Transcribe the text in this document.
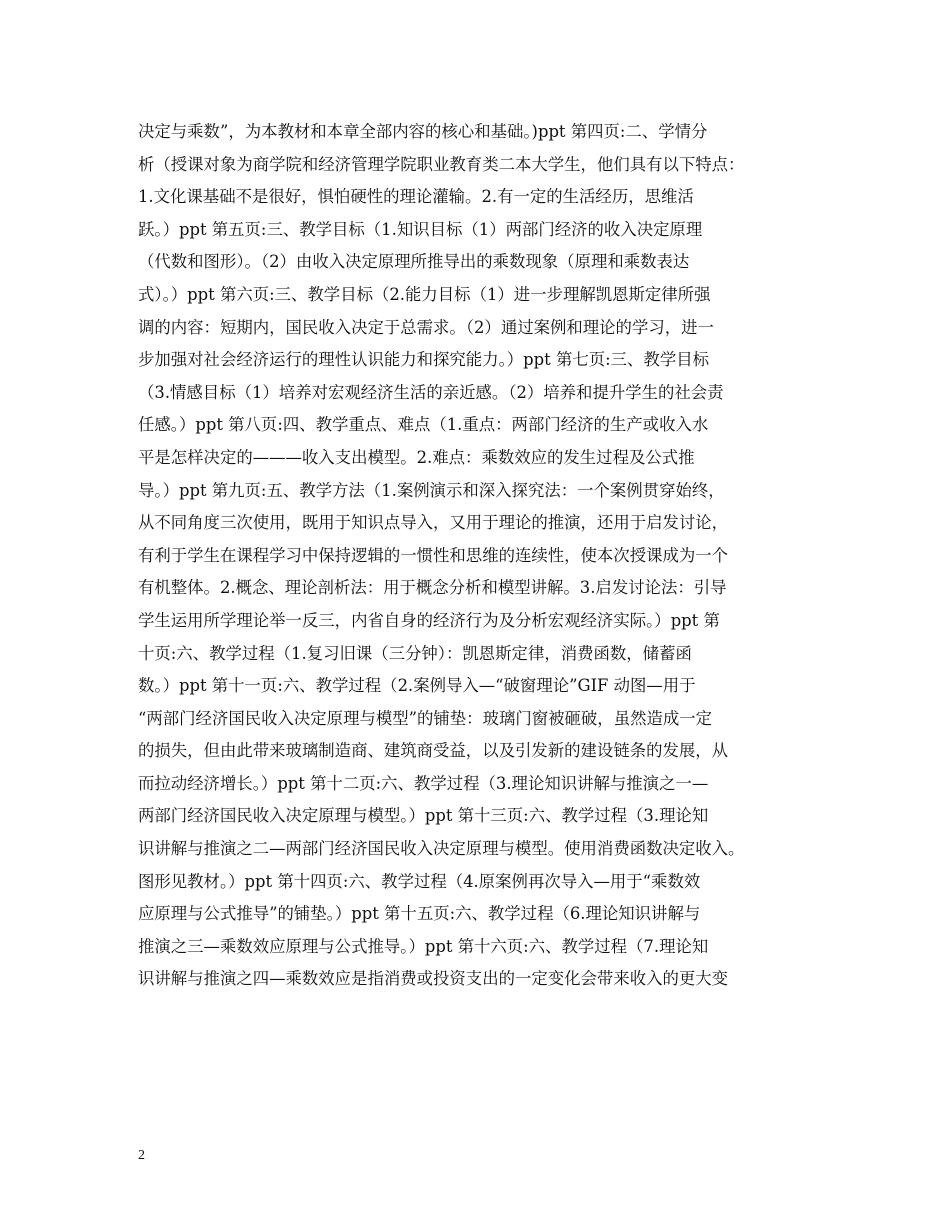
决定与乘数”，为本教材和本章全部内容的核心和基础。)ppt 第四页:二、学情分
析（授课对象为商学院和经济管理学院职业教育类二本大学生，他们具有以下特点：
1.文化课基础不是很好，惧怕硬性的理论灌输。2.有一定的生活经历，思维活
跃。）ppt 第五页:三、教学目标（1.知识目标（1）两部门经济的收入决定原理
（代数和图形）。（2）由收入决定原理所推导出的乘数现象（原理和乘数表达
式）。）ppt 第六页:三、教学目标（2.能力目标（1）进一步理解凯恩斯定律所强
调的内容：短期内，国民收入决定于总需求。（2）通过案例和理论的学习，进一
步加强对社会经济运行的理性认识能力和探究能力。）ppt 第七页:三、教学目标
（3.情感目标（1）培养对宏观经济生活的亲近感。（2）培养和提升学生的社会责
任感。）ppt 第八页:四、教学重点、难点（1.重点：两部门经济的生产或收入水
平是怎样决定的———收入支出模型。2.难点：乘数效应的发生过程及公式推
导。）ppt 第九页:五、教学方法（1.案例演示和深入探究法：一个案例贯穿始终，
从不同角度三次使用，既用于知识点导入，又用于理论的推演，还用于启发讨论，
有利于学生在课程学习中保持逻辑的一惯性和思维的连续性，使本次授课成为一个
有机整体。2.概念、理论剖析法：用于概念分析和模型讲解。3.启发讨论法：引导
学生运用所学理论举一反三，内省自身的经济行为及分析宏观经济实际。）ppt 第
十页:六、教学过程（1.复习旧课（三分钟）：凯恩斯定律，消费函数，储蓄函
数。）ppt 第十一页:六、教学过程（2.案例导入—“破窗理论”GIF 动图—用于
“两部门经济国民收入决定原理与模型”的铺垫：玻璃门窗被砸破，虽然造成一定
的损失，但由此带来玻璃制造商、建筑商受益，以及引发新的建设链条的发展，从
而拉动经济增长。）ppt 第十二页:六、教学过程（3.理论知识讲解与推演之一—
两部门经济国民收入决定原理与模型。）ppt 第十三页:六、教学过程（3.理论知
识讲解与推演之二—两部门经济国民收入决定原理与模型。使用消费函数决定收入。
图形见教材。）ppt 第十四页:六、教学过程（4.原案例再次导入—用于“乘数效
应原理与公式推导”的铺垫。）ppt 第十五页:六、教学过程（6.理论知识讲解与
推演之三—乘数效应原理与公式推导。）ppt 第十六页:六、教学过程（7.理论知
识讲解与推演之四—乘数效应是指消费或投资支出的一定变化会带来收入的更大变
2
